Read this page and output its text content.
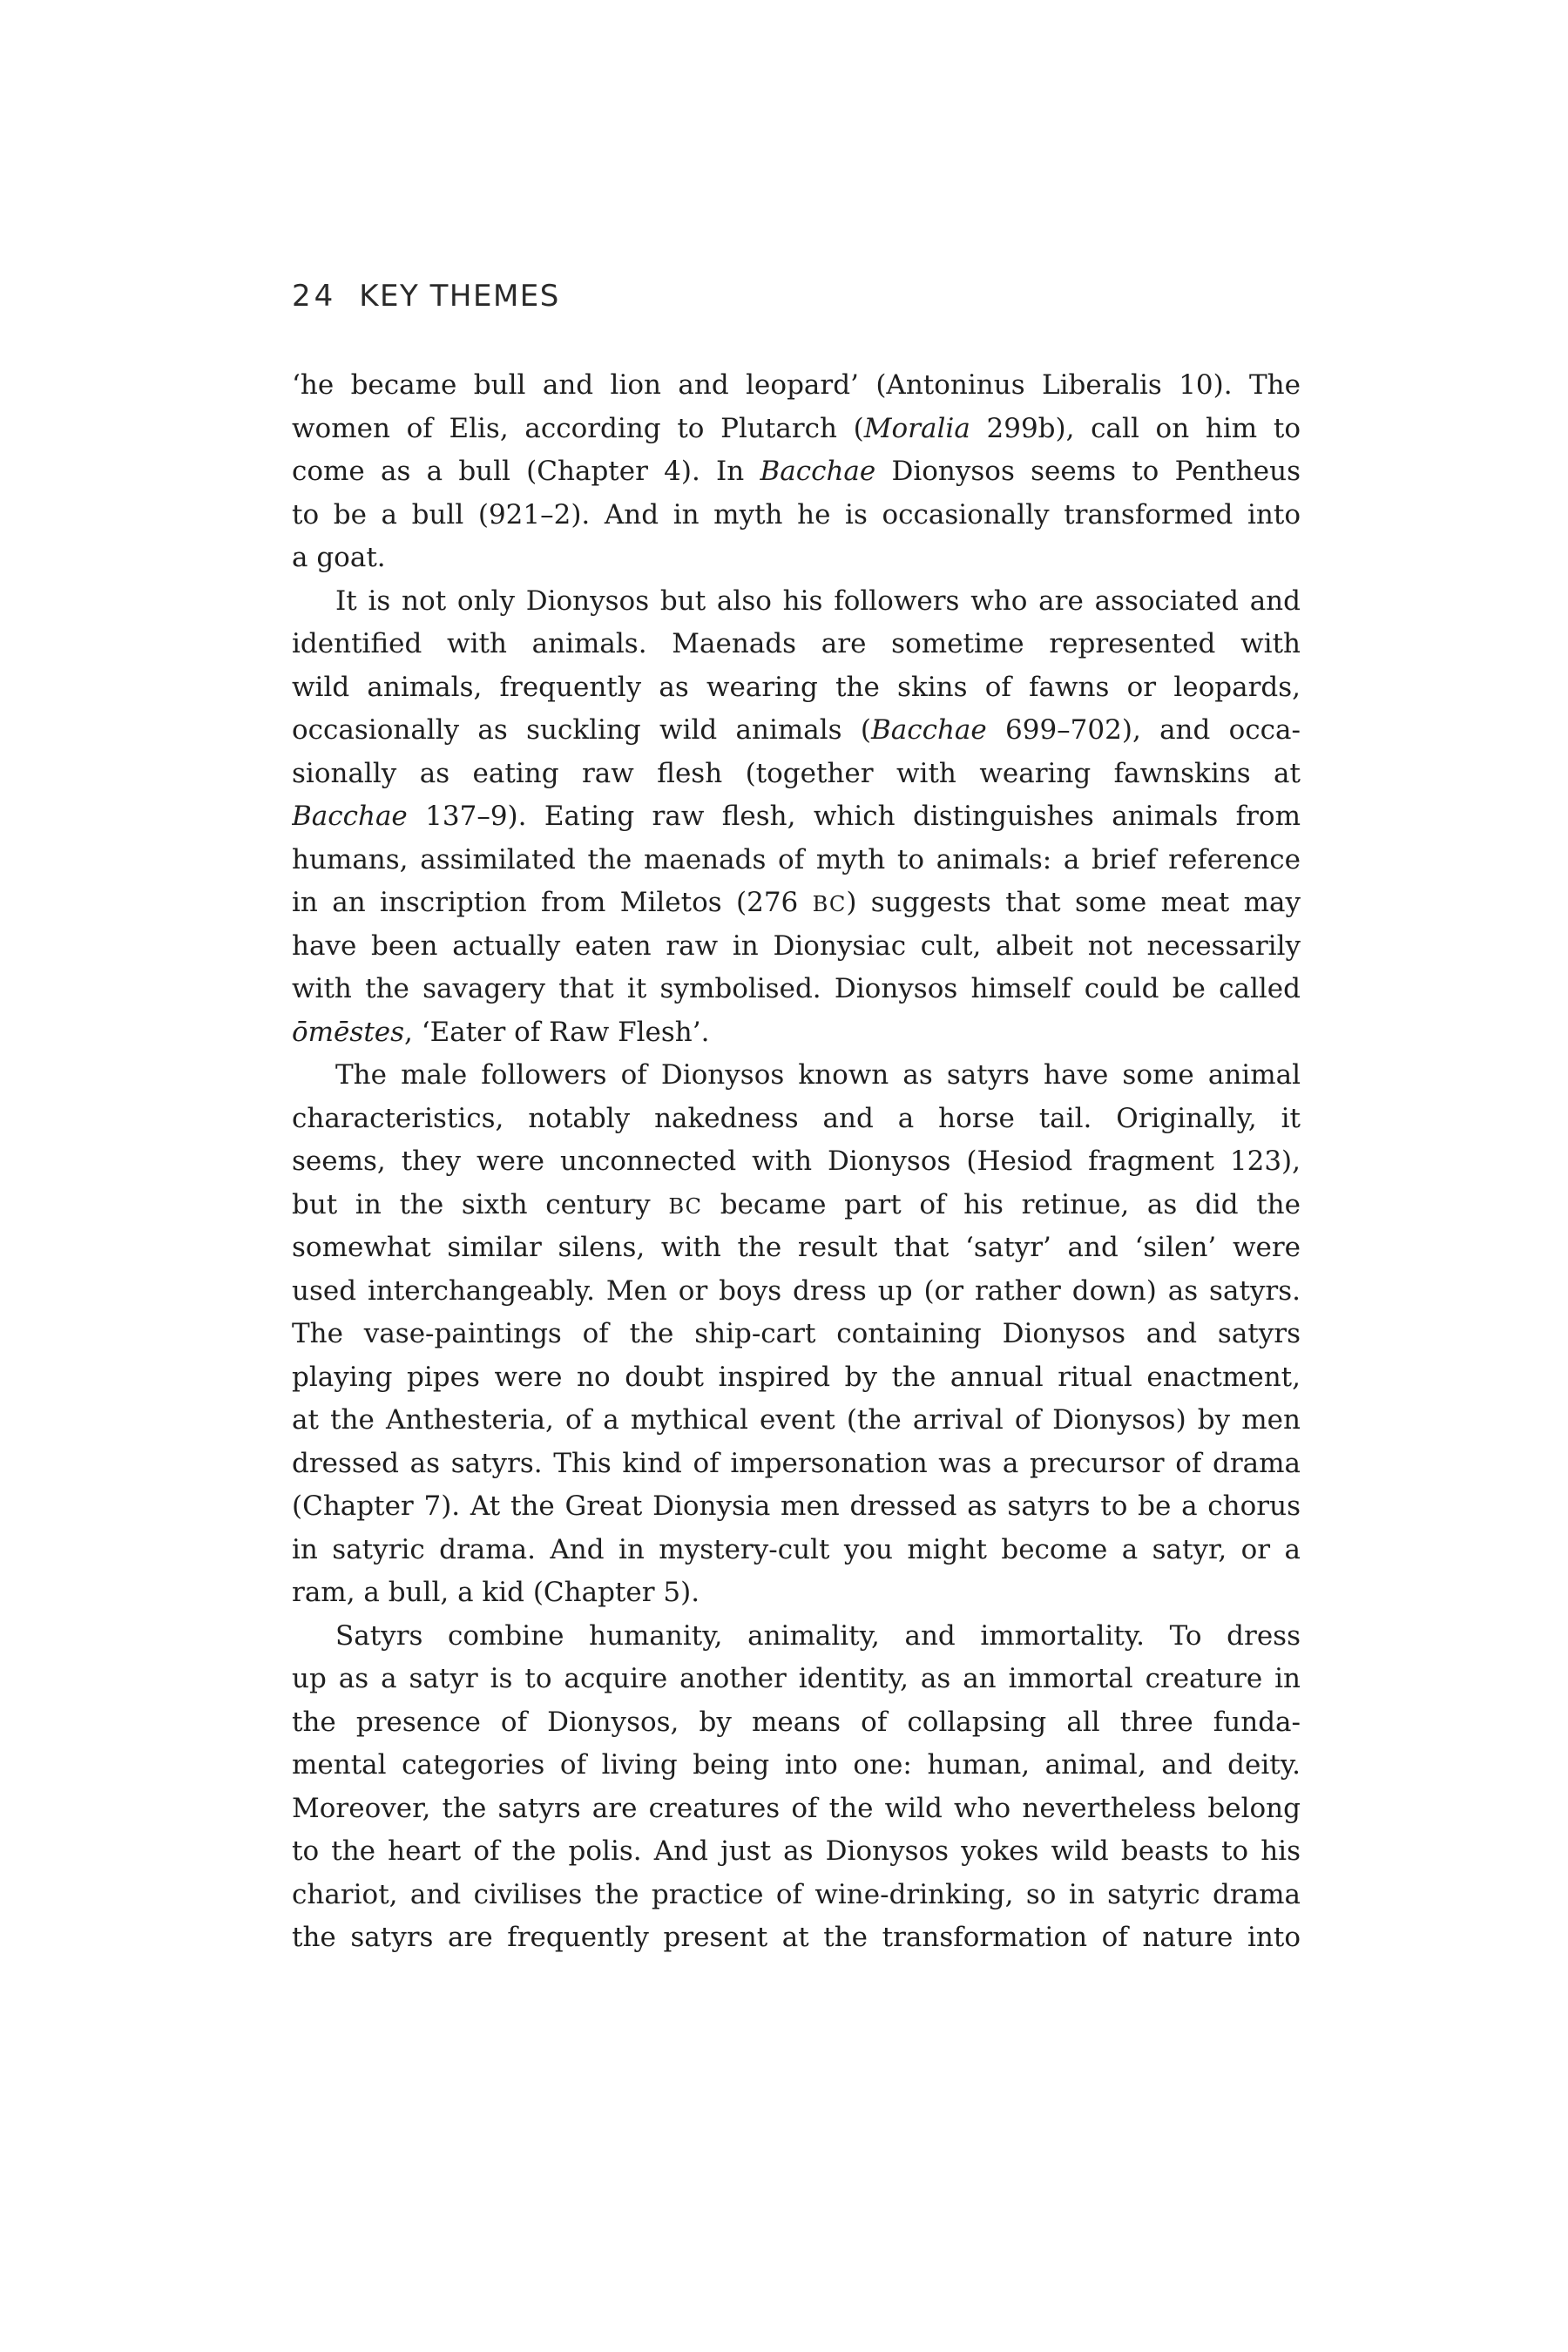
24 KEY THEMES
‘he became bull and lion and leopard’ (Antoninus Liberalis 10). The
women of Elis, according to Plutarch (Moralia 299b), call on him to
come as a bull (Chapter 4). In Bacchae Dionysos seems to Pentheus
to be a bull (921–2). And in myth he is occasionally transformed into
a goat.
It is not only Dionysos but also his followers who are associated and
identified with animals. Maenads are sometime represented with
wild animals, frequently as wearing the skins of fawns or leopards,
occasionally as suckling wild animals (Bacchae 699–702), and occa-
sionally as eating raw flesh (together with wearing fawnskins at
Bacchae 137–9). Eating raw flesh, which distinguishes animals from
humans, assimilated the maenads of myth to animals: a brief reference
in an inscription from Miletos (276 BC) suggests that some meat may
have been actually eaten raw in Dionysiac cult, albeit not necessarily
with the savagery that it symbolised. Dionysos himself could be called
ōmēstes, ‘Eater of Raw Flesh’.
The male followers of Dionysos known as satyrs have some animal
characteristics, notably nakedness and a horse tail. Originally, it
seems, they were unconnected with Dionysos (Hesiod fragment 123),
but in the sixth century BC became part of his retinue, as did the
somewhat similar silens, with the result that ‘satyr’ and ‘silen’ were
used interchangeably. Men or boys dress up (or rather down) as satyrs.
The vase-paintings of the ship-cart containing Dionysos and satyrs
playing pipes were no doubt inspired by the annual ritual enactment,
at the Anthesteria, of a mythical event (the arrival of Dionysos) by men
dressed as satyrs. This kind of impersonation was a precursor of drama
(Chapter 7). At the Great Dionysia men dressed as satyrs to be a chorus
in satyric drama. And in mystery-cult you might become a satyr, or a
ram, a bull, a kid (Chapter 5).
Satyrs combine humanity, animality, and immortality. To dress
up as a satyr is to acquire another identity, as an immortal creature in
the presence of Dionysos, by means of collapsing all three funda-
mental categories of living being into one: human, animal, and deity.
Moreover, the satyrs are creatures of the wild who nevertheless belong
to the heart of the polis. And just as Dionysos yokes wild beasts to his
chariot, and civilises the practice of wine-drinking, so in satyric drama
the satyrs are frequently present at the transformation of nature into
